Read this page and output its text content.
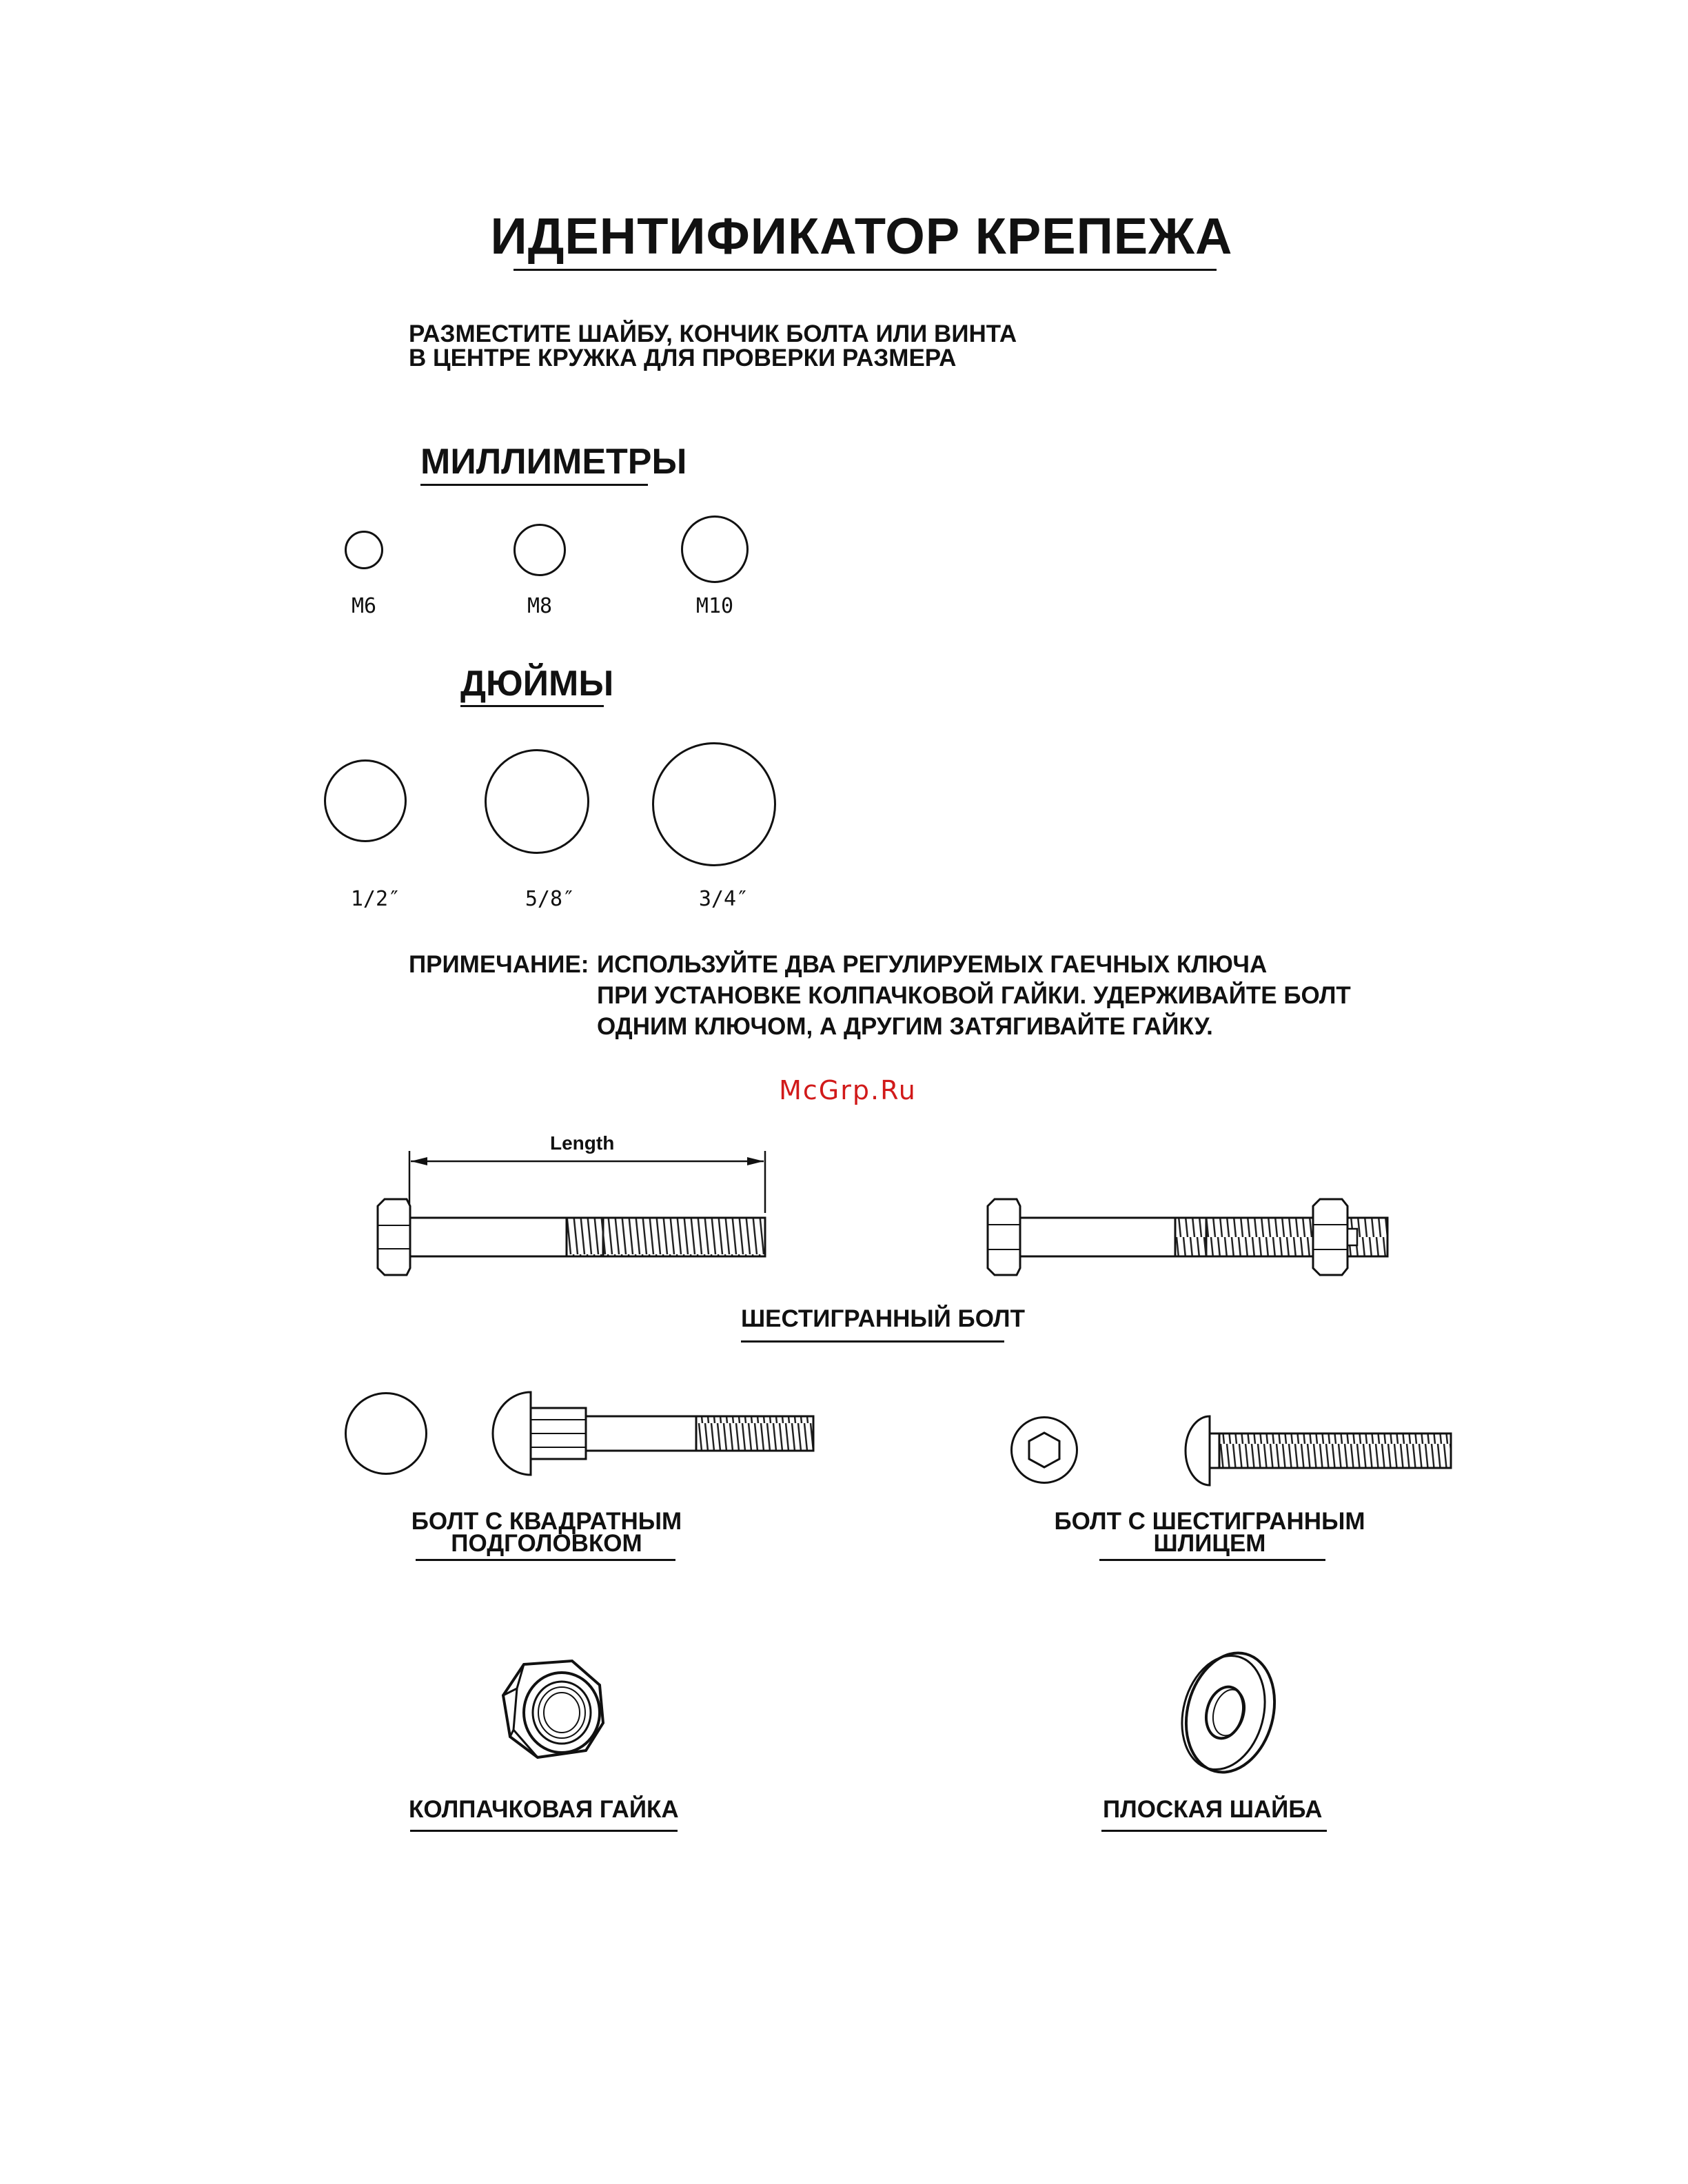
ИДЕНТИФИКАТОР КРЕПЕЖА
РАЗМЕСТИТЕ ШАЙБУ, КОНЧИК БОЛТА ИЛИ ВИНТА
В ЦЕНТРЕ КРУЖКА ДЛЯ ПРОВЕРКИ РАЗМЕРА
МИЛЛИМЕТРЫ
M6	M8	M10
ДЮЙМЫ
1/2″	5/8″	3/4″
ПРИМЕЧАНИЕ: ИСПОЛЬЗУЙТЕ ДВА РЕГУЛИРУЕМЫХ ГАЕЧНЫХ КЛЮЧА
ПРИ УСТАНОВКЕ КОЛПАЧКОВОЙ ГАЙКИ. УДЕРЖИВАЙТЕ БОЛТ
ОДНИМ КЛЮЧОМ, А ДРУГИМ ЗАТЯГИВАЙТЕ ГАЙКУ.
McGrp.Ru
Length
ШЕСТИГРАННЫЙ БОЛТ
БОЛТ С КВАДРАТНЫМ
ПОДГОЛОВКОМ
БОЛТ С ШЕСТИГРАННЫМ
ШЛИЦЕМ
КОЛПАЧКОВАЯ ГАЙКА	ПЛОСКАЯ ШАЙБА
